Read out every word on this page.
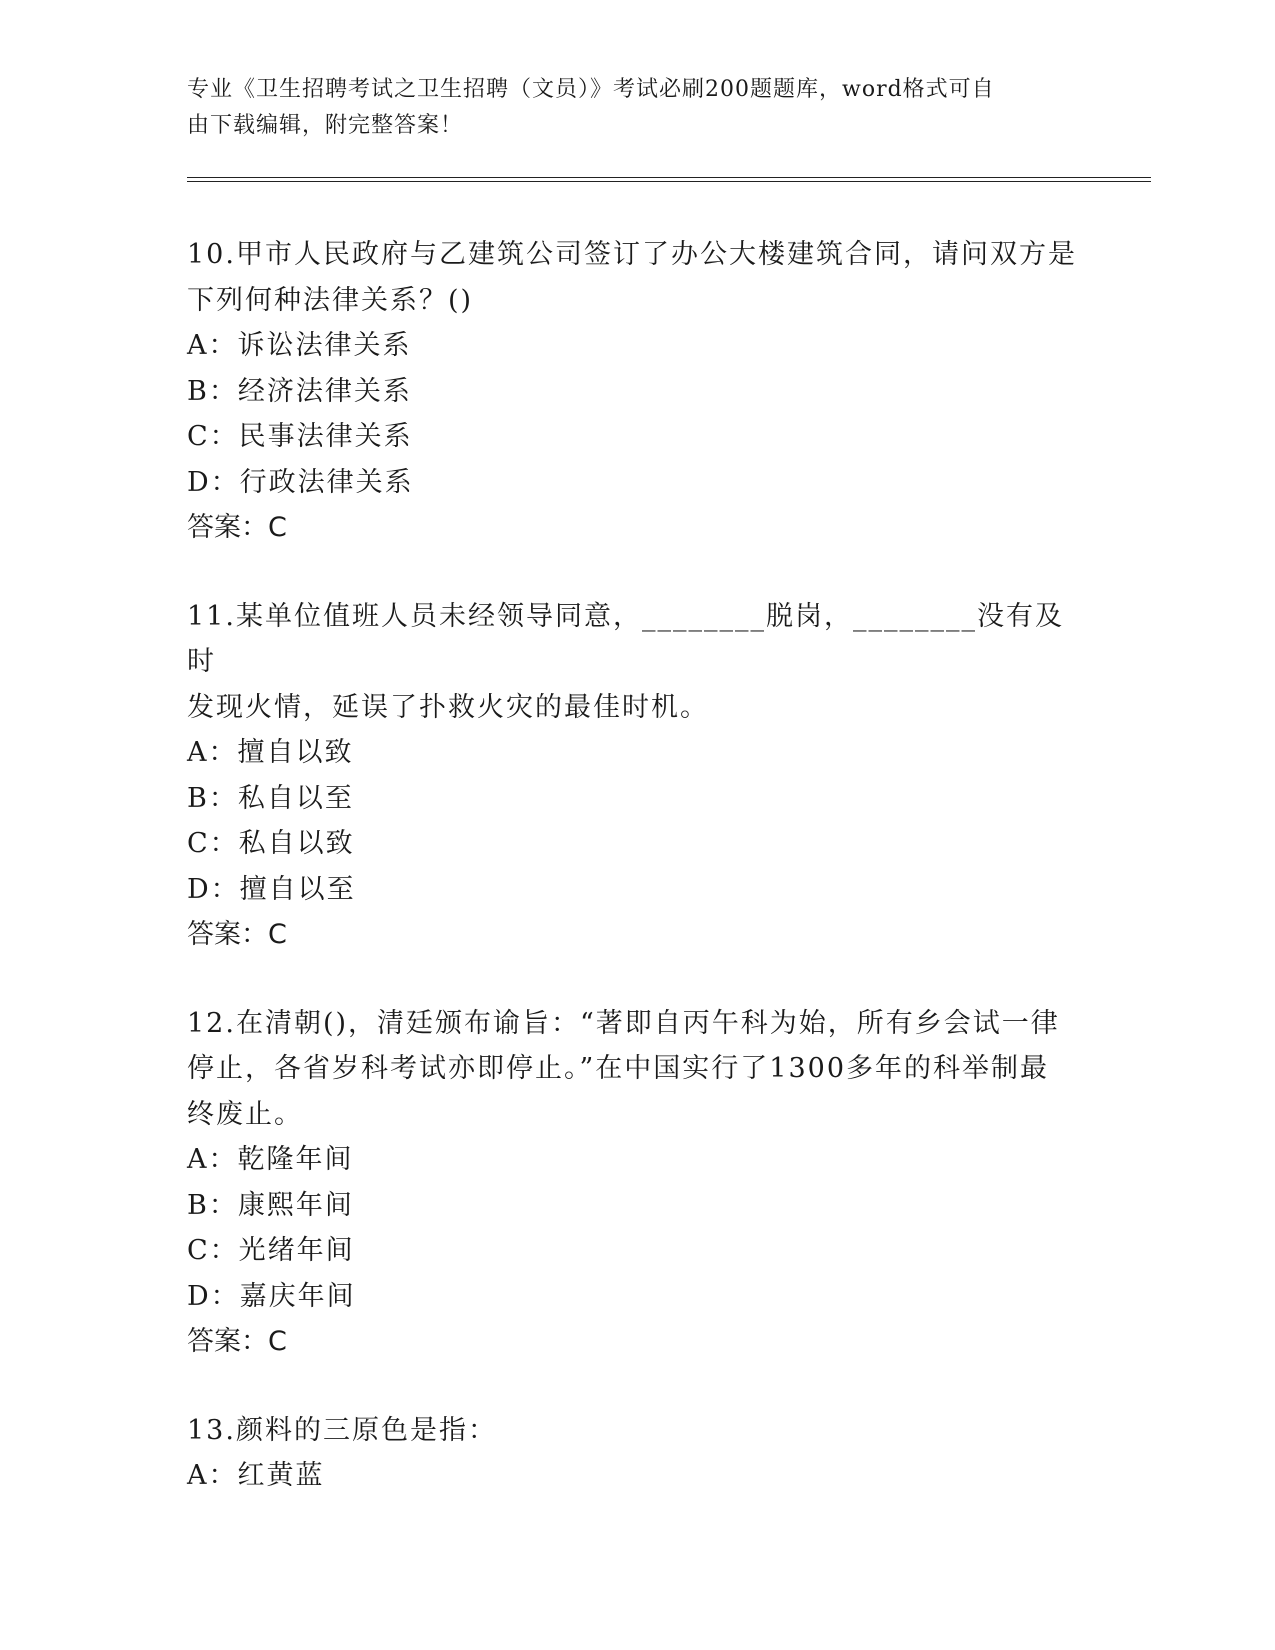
专业《卫生招聘考试之卫生招聘（文员）》考试必刷200题题库，word格式可自
由下载编辑，附完整答案！

10.甲市人民政府与乙建筑公司签订了办公大楼建筑合同，请问双方是

下列何种法律关系？()

A：诉讼法律关系

B：经济法律关系

C：民事法律关系

D：行政法律关系

答案：C

11.某单位值班人员未经领导同意，________脱岗，________没有及时

发现火情，延误了扑救火灾的最佳时机。

A：擅自以致

B：私自以至

C：私自以致

D：擅自以至

答案：C

12.在清朝()，清廷颁布谕旨：“著即自丙午科为始，所有乡会试一律

停止，各省岁科考试亦即停止。”在中国实行了1300多年的科举制最

终废止。

A：乾隆年间

B：康熙年间

C：光绪年间

D：嘉庆年间

答案：C

13.颜料的三原色是指：

A：红黄蓝
